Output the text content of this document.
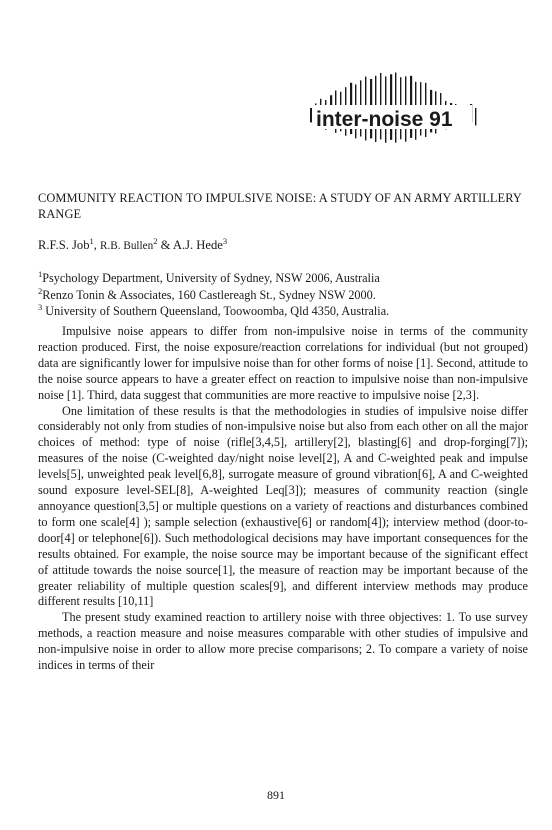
inter-noise 91
COMMUNITY REACTION TO IMPULSIVE NOISE: A STUDY OF AN ARMY ARTILLERY RANGE
R.F.S. Job$^1$, R.B. Bullen$^2$ & A.J. Hede$^3$
$^1$Psychology Department, University of Sydney, NSW 2006, Australia
$^2$Renzo Tonin & Associates, 160 Castlereagh St., Sydney NSW 2000.
$^3$ University of Southern Queensland, Toowoomba, Qld 4350, Australia.

Impulsive noise appears to differ from non-impulsive noise in terms of the community reaction produced. First, the noise exposure/reaction correlations for individual (but not grouped) data are significantly lower for impulsive noise than for other forms of noise [1]. Second, attitude to the noise source appears to have a greater effect on reaction to impulsive noise than non-impulsive noise [1]. Third, data suggest that communities are more reactive to impulsive noise [2,3].

One limitation of these results is that the methodologies in studies of impulsive noise differ considerably not only from studies of non-impulsive noise but also from each other on all the major choices of method: type of noise (rifle[3,4,5], artillery[2], blasting[6] and drop-forging[7]); measures of the noise (C-weighted day/night noise level[2], A and C-weighted peak and impulse levels[5], unweighted peak level[6,8], surrogate measure of ground vibration[6], A and C-weighted sound exposure level-SEL[8], A-weighted Leq[3]); measures of community reaction (single annoyance question[3,5] or multiple questions on a variety of reactions and disturbances combined to form one scale[4] ); sample selection (exhaustive[6] or random[4]); interview method (door-to-door[4] or telephone[6]). Such methodological decisions may have important consequences for the results obtained. For example, the noise source may be important because of the significant effect of attitude towards the noise source[1], the measure of reaction may be important because of the greater reliability of multiple question scales[9], and different interview methods may produce different results [10,11]

The present study examined reaction to artillery noise with three objectives: 1. To use survey methods, a reaction measure and noise measures comparable with other studies of impulsive and non-impulsive noise in order to allow more precise comparisons; 2. To compare a variety of noise indices in terms of their

891
